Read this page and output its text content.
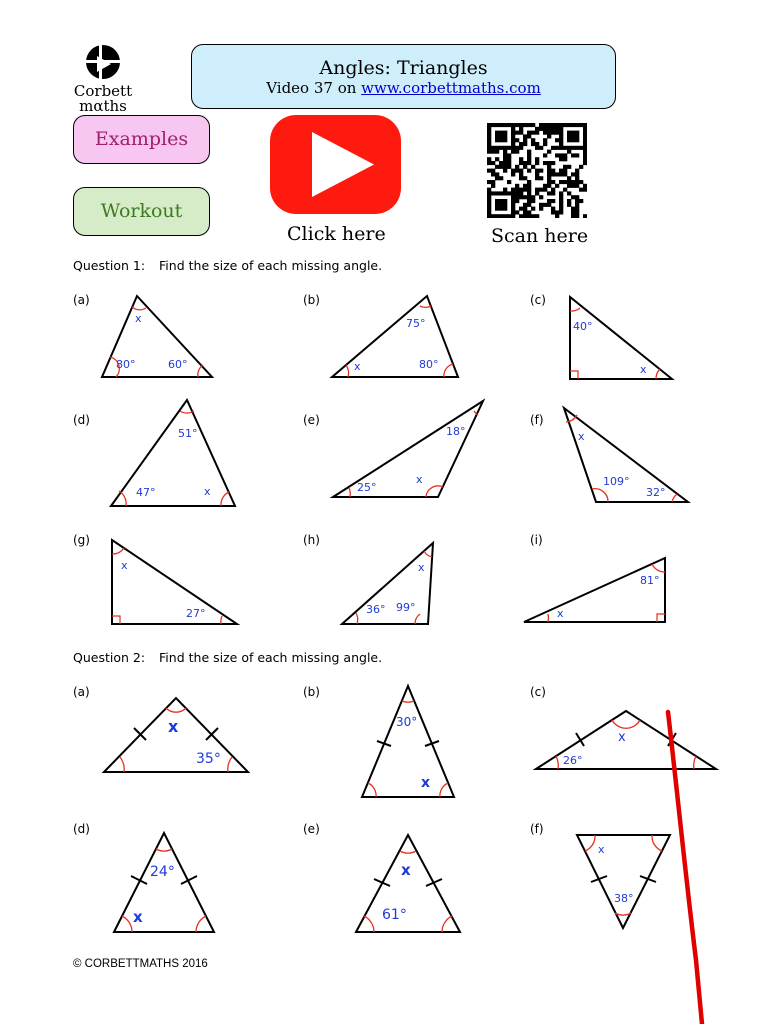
Corbett
mαths
Angles: Triangles
Video 37 on www.corbettmaths.com
Examples
Workout
Click here	Scan here
Question 1: Find the size of each missing angle.
(a)	(b)	(c)
(d)	(e)	(f)
(g)	(h)	(i)
Question 2: Find the size of each missing angle.
(a)	(b)	(c)
(d)	(e)	(f)
x
80°	60°
75°
x	80°
40°
x
51°
47°	x
18°
25°
x
x
109°
32°
x
27°
x
36° 99°
81°
x
x
35°
30°
x
x
26°
24°
x
x
61°
x
38°
© CORBETTMATHS 2016
